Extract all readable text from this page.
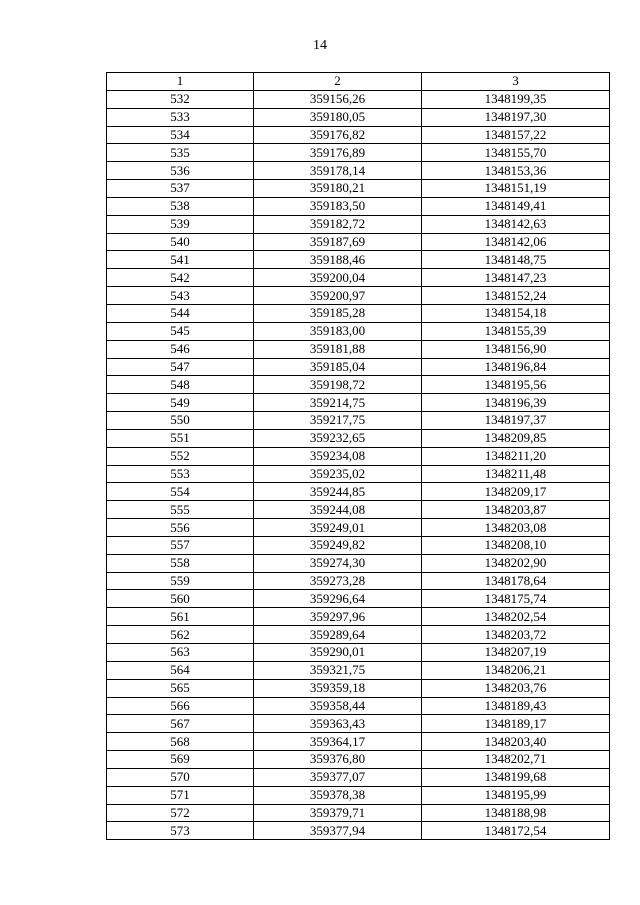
14
1	2	3
532	359156,26	1348199,35
533	359180,05	1348197,30
534	359176,82	1348157,22
535	359176,89	1348155,70
536	359178,14	1348153,36
537	359180,21	1348151,19
538	359183,50	1348149,41
539	359182,72	1348142,63
540	359187,69	1348142,06
541	359188,46	1348148,75
542	359200,04	1348147,23
543	359200,97	1348152,24
544	359185,28	1348154,18
545	359183,00	1348155,39
546	359181,88	1348156,90
547	359185,04	1348196,84
548	359198,72	1348195,56
549	359214,75	1348196,39
550	359217,75	1348197,37
551	359232,65	1348209,85
552	359234,08	1348211,20
553	359235,02	1348211,48
554	359244,85	1348209,17
555	359244,08	1348203,87
556	359249,01	1348203,08
557	359249,82	1348208,10
558	359274,30	1348202,90
559	359273,28	1348178,64
560	359296,64	1348175,74
561	359297,96	1348202,54
562	359289,64	1348203,72
563	359290,01	1348207,19
564	359321,75	1348206,21
565	359359,18	1348203,76
566	359358,44	1348189,43
567	359363,43	1348189,17
568	359364,17	1348203,40
569	359376,80	1348202,71
570	359377,07	1348199,68
571	359378,38	1348195,99
572	359379,71	1348188,98
573	359377,94	1348172,54
